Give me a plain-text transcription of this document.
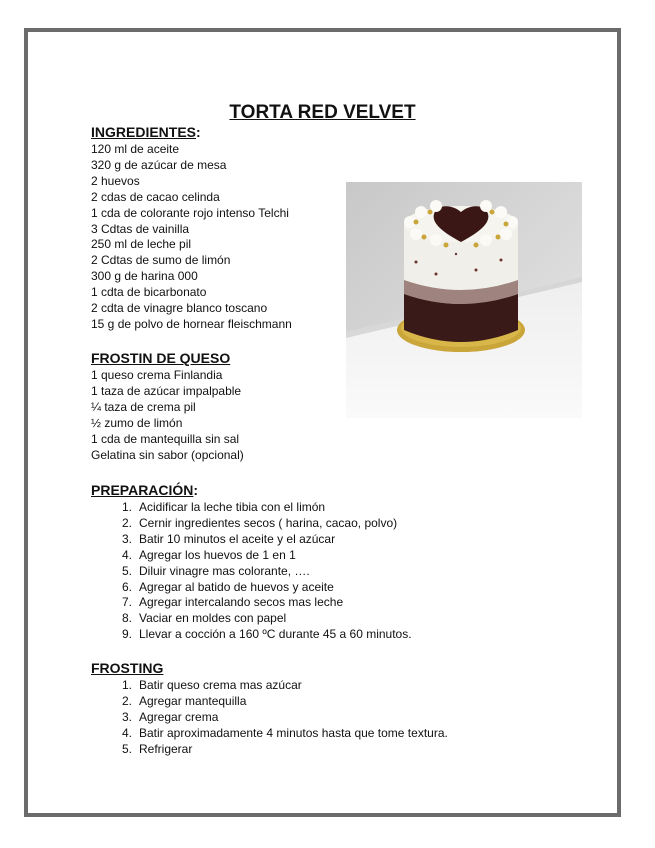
TORTA RED VELVET
INGREDIENTES:
120 ml de aceite
320 g de azúcar de mesa
2 huevos
2 cdas de cacao celinda
1 cda de colorante rojo intenso Telchi
3 Cdtas de vainilla
250 ml de leche pil
2 Cdtas de sumo de limón
300 g de harina 000
1 cdta de bicarbonato
2 cdta de vinagre blanco toscano
15 g de polvo de hornear fleischmann
FROSTIN DE QUESO
1 queso crema Finlandia
1 taza de azúcar impalpable
¼ taza de crema pil
½ zumo de limón
1 cda de mantequilla sin sal
Gelatina sin sabor (opcional)
PREPARACIÓN:
1. Acidificar la leche tibia con el limón
2. Cernir ingredientes secos ( harina, cacao, polvo)
3. Batir 10 minutos el aceite y el azúcar
4. Agregar los huevos de 1 en 1
5. Diluir vinagre mas colorante, ….
6. Agregar al batido de huevos y aceite
7. Agregar intercalando secos mas leche
8. Vaciar en moldes con papel
9. Llevar a cocción a 160 ºC durante 45 a 60 minutos.
FROSTING
1. Batir queso crema mas azúcar
2. Agregar mantequilla
3. Agregar crema
4. Batir aproximadamente 4 minutos hasta que tome textura.
5. Refrigerar
